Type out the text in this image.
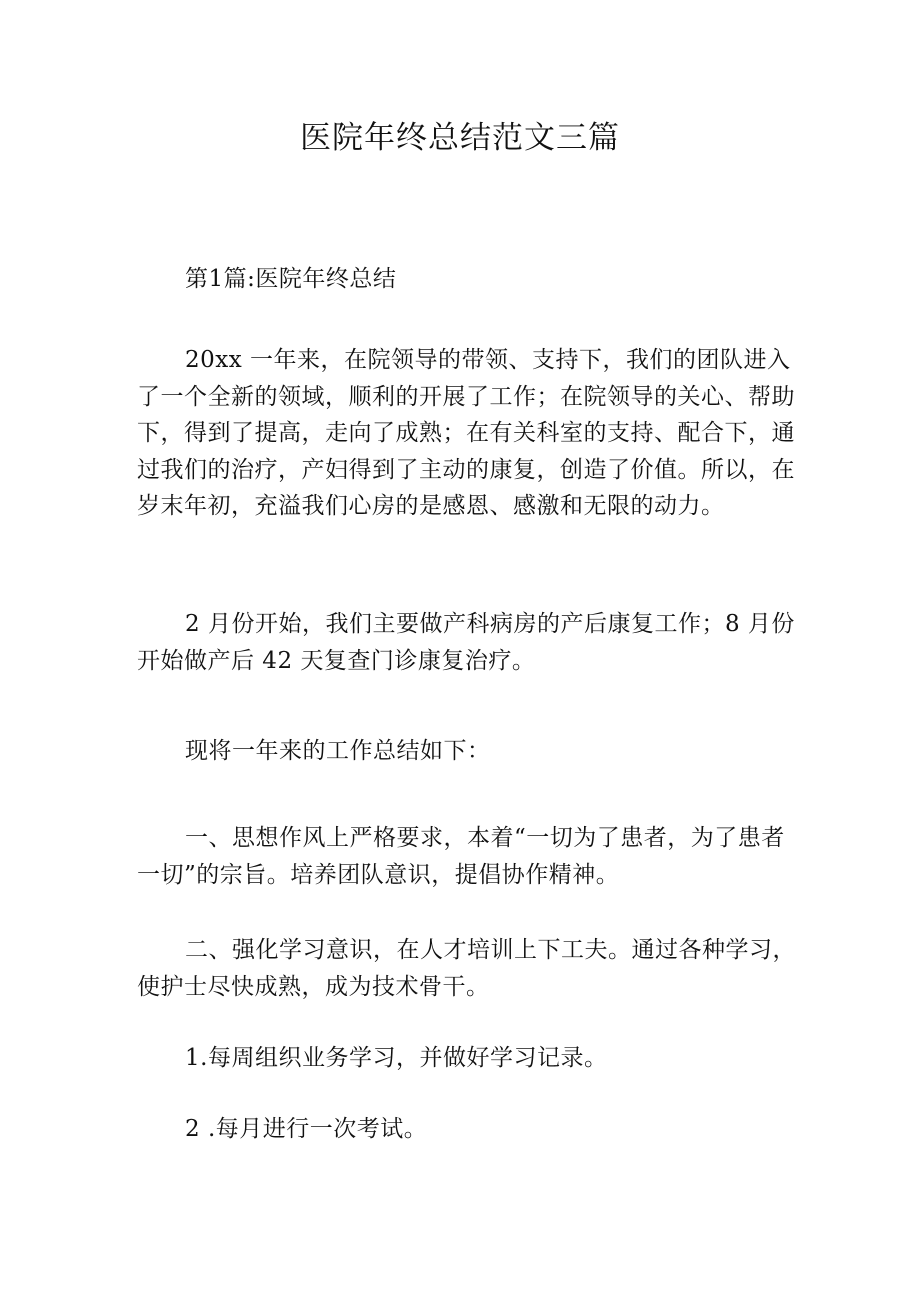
医院年终总结范文三篇

第1篇:医院年终总结

20xx 一年来，在院领导的带领、支持下，我们的团队进入
了一个全新的领域，顺利的开展了工作；在院领导的关心、帮助
下，得到了提高，走向了成熟；在有关科室的支持、配合下，通
过我们的治疗，产妇得到了主动的康复，创造了价值。所以，在
岁末年初，充溢我们心房的是感恩、感激和无限的动力。
2 月份开始，我们主要做产科病房的产后康复工作；8 月份
开始做产后 42 天复查门诊康复治疗。

现将一年来的工作总结如下：

一、思想作风上严格要求，本着“一切为了患者，为了患者
一切”的宗旨。培养团队意识，提倡协作精神。
二、强化学习意识，在人才培训上下工夫。通过各种学习，
使护士尽快成熟，成为技术骨干。

1.每周组织业务学习，并做好学习记录。

2 .每月进行一次考试。
